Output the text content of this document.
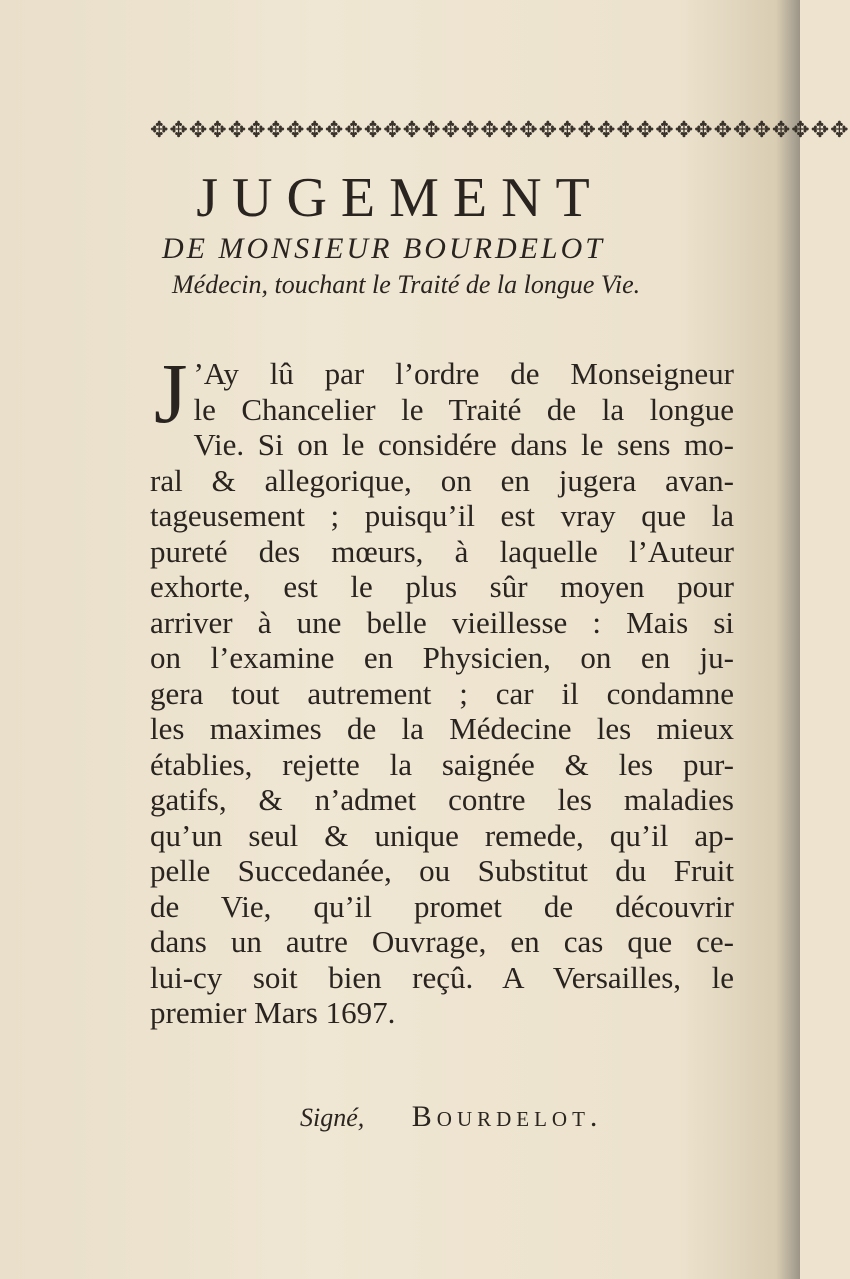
✥✥✥✥✥✥✥✥✥✥✥✥✥✥✥✥✥✥✥✥✥✥✥✥✥✥✥✥✥✥✥✥✥✥✥✥
JUGEMENT
DE MONSIEUR BOURDELOT
Médecin, touchant le Traité de la longue Vie.
J ’Ay lû par l’ordre de Monseigneur
le Chancelier le Traité de la longue
Vie. Si on le considére dans le sens mo-
ral & allegorique, on en jugera avan-
tageusement ; puisqu’il est vray que la
pureté des mœurs, à laquelle l’Auteur
exhorte, est le plus sûr moyen pour
arriver à une belle vieillesse : Mais si
on l’examine en Physicien, on en ju-
gera tout autrement ; car il condamne
les maximes de la Médecine les mieux
établies, rejette la saignée & les pur-
gatifs, & n’admet contre les maladies
qu’un seul & unique remede, qu’il ap-
pelle Succedanée, ou Substitut du Fruit
de Vie, qu’il promet de découvrir
dans un autre Ouvrage, en cas que ce-
lui-cy soit bien reçû. A Versailles, le
premier Mars 1697.
Signé, Bourdelot.
